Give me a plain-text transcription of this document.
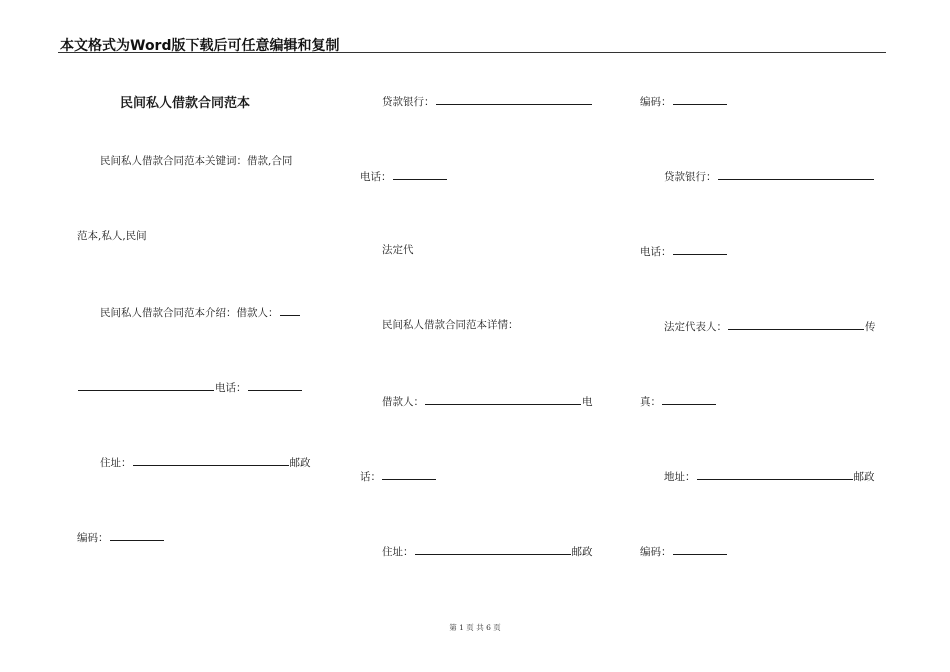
本文格式为Word版下载后可任意编辑和复制
民间私人借款合同范本
民间私人借款合同范本关键词：借款,合同
范本,私人,民间
民间私人借款合同范本介绍：借款人：
电话：
住址：	邮政
编码：
贷款银行：
电话：
法定代
民间私人借款合同范本详情：
借款人：	电
话：
住址：	邮政
编码：
贷款银行：
电话：
法定代表人：	传
真：
地址：	邮政
编码：
第 1 页 共 6 页
